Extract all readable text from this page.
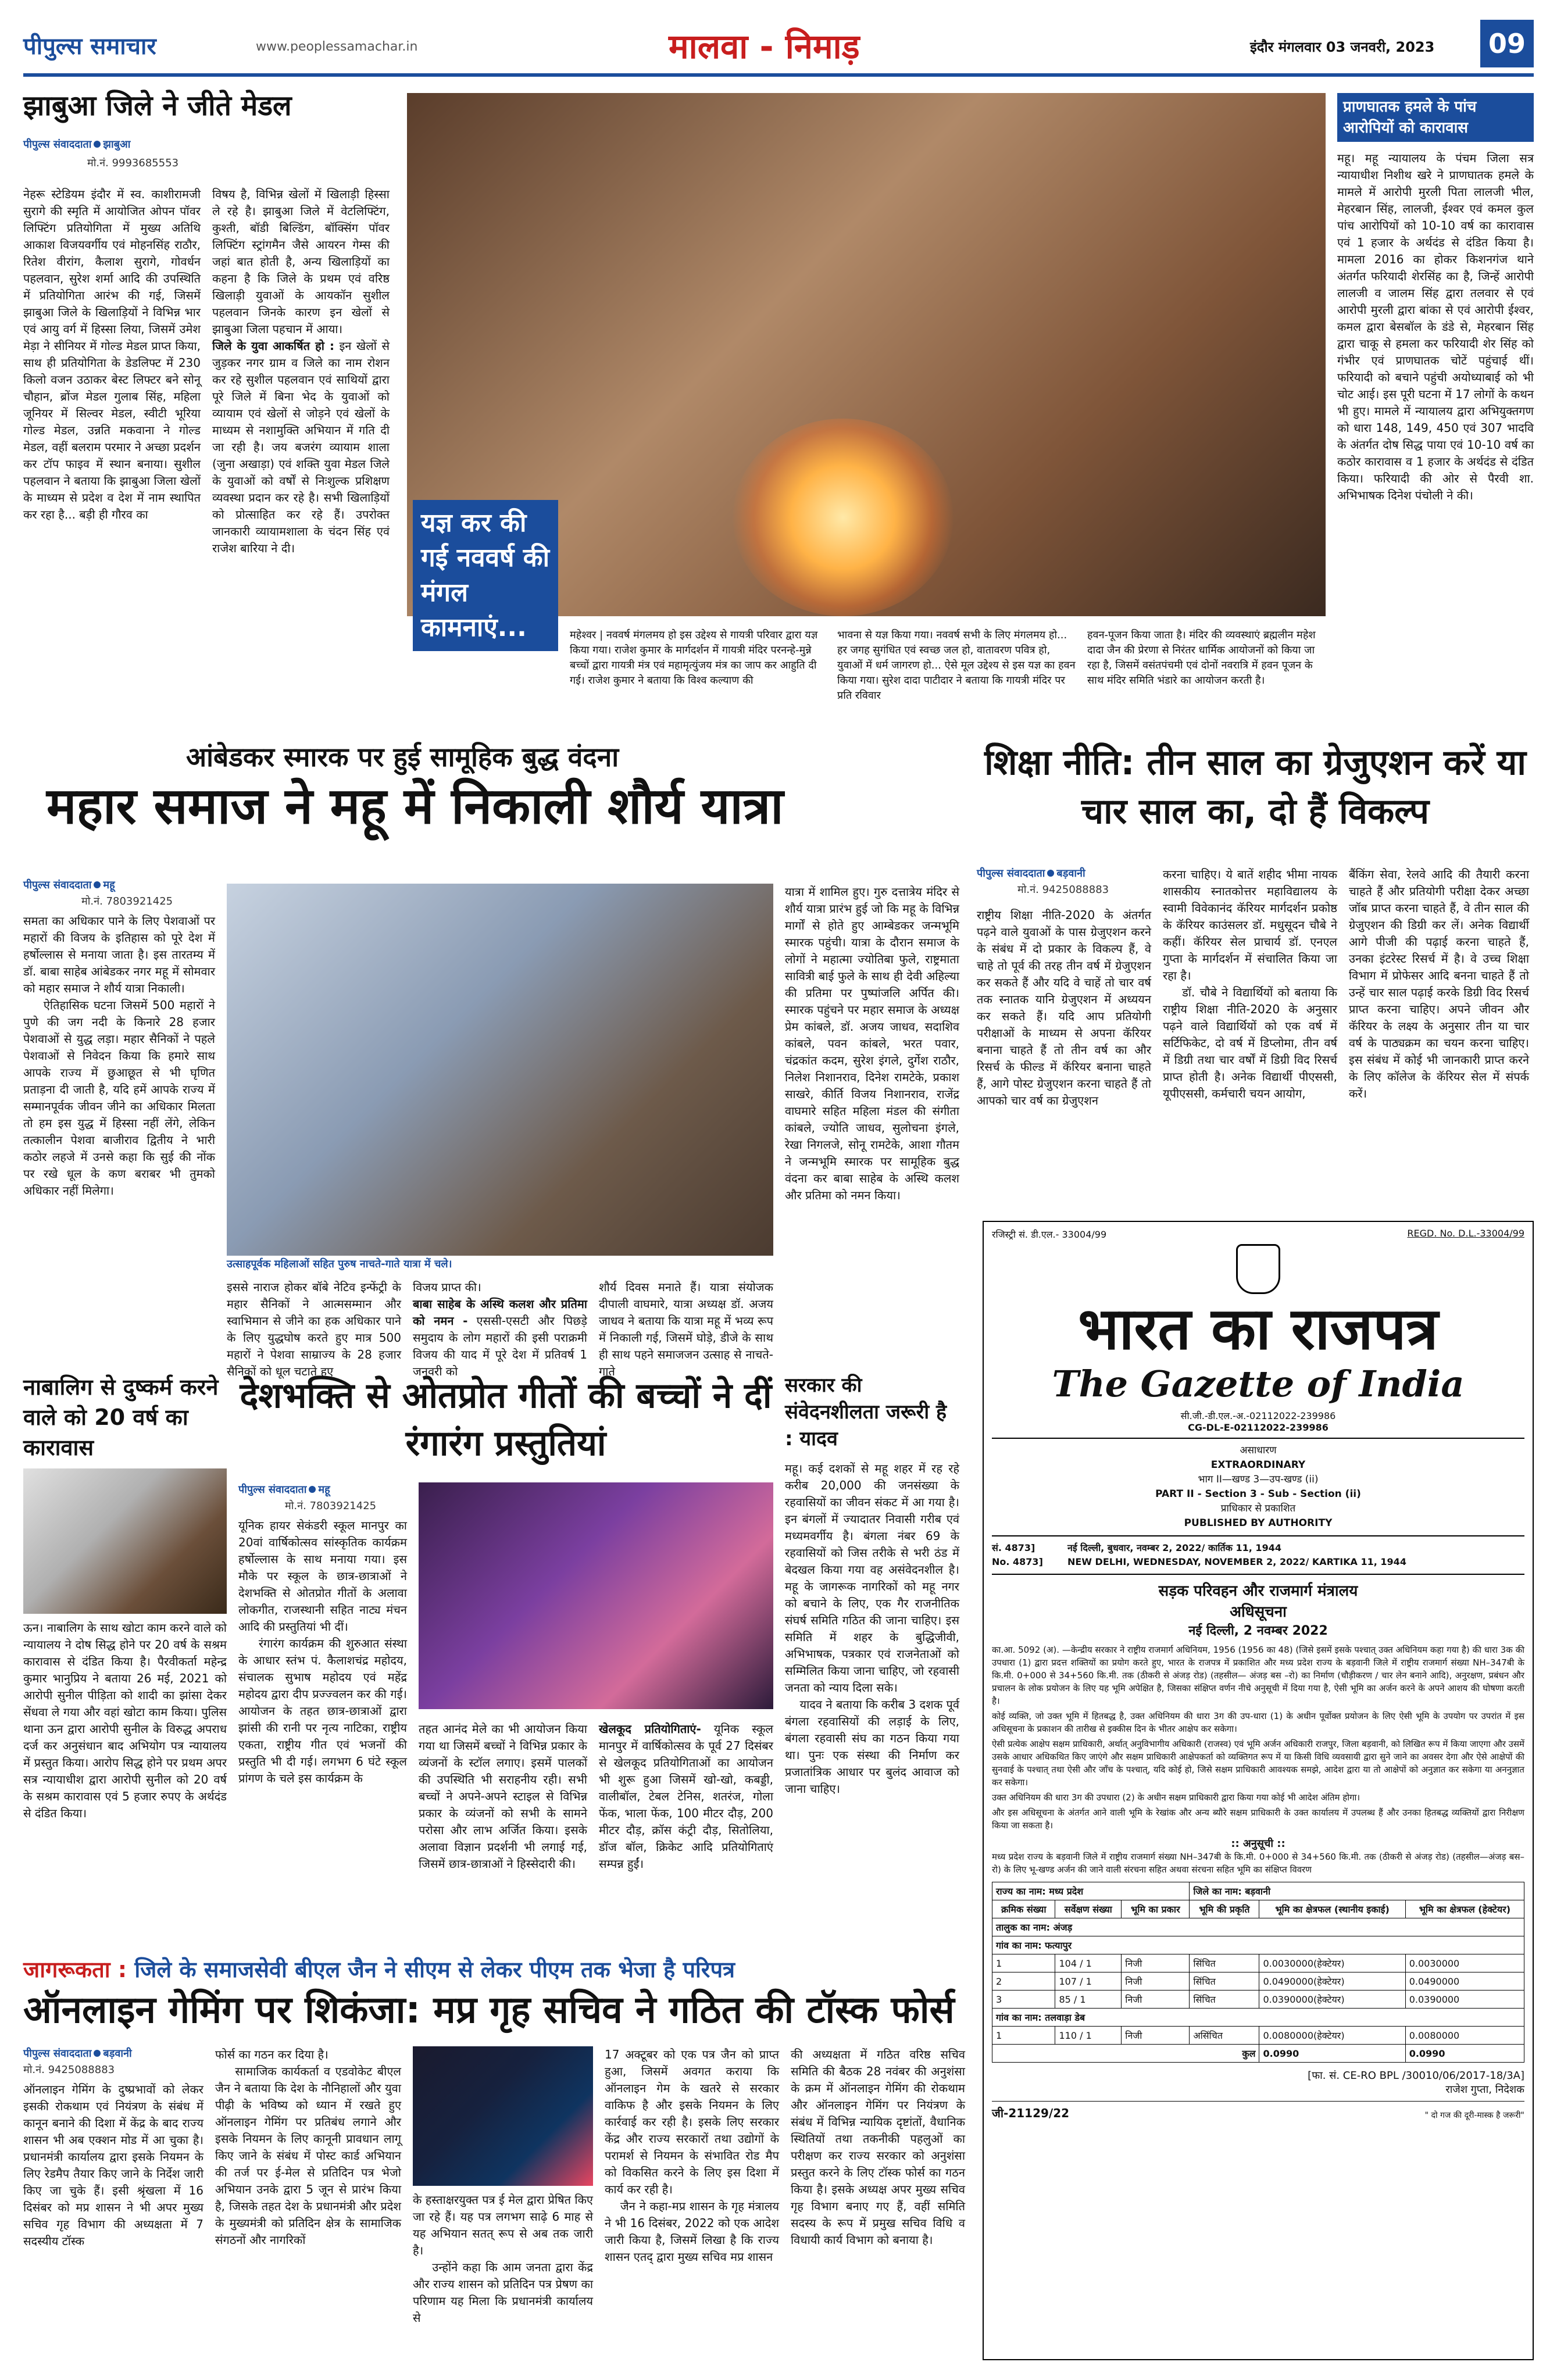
पीपुल्स समाचार	www.peoplessamachar.in	मालवा - निमाड़	इंदौर मंगलवार 03 जनवरी, 2023	09
झाबुआ जिले ने जीते मेडल
पीपुल्स संवाददाता झाबुआ
मो.नं. 9993685553
नेहरू स्टेडियम इंदौर में स्व. काशीरामजी सुरागे की स्मृति में आयोजित ओपन पॉवर लिफ्टिंग प्रतियोगिता में मुख्य अतिथि आकाश विजयवर्गीय एवं मोहनसिंह राठौर, रितेश वीरांग, कैलाश सुरागे, गोवर्धन पहलवान, सुरेश शर्मा आदि की उपस्थिति में प्रतियोगिता आरंभ की गई, जिसमें झाबुआ जिले के खिलाड़ियों ने विभिन्न भार एवं आयु वर्ग में हिस्सा लिया, जिसमें उमेश मेड़ा ने सीनियर में गोल्ड मेडल प्राप्त किया, साथ ही प्रतियोगिता के डेडलिफ्ट में 230 किलो वजन उठाकर बेस्ट लिफ्टर बने सोनू चौहान, ब्रोंज मेडल गुलाब सिंह, महिला जूनियर में सिल्वर मेडल, स्वीटी भूरिया गोल्ड मेडल, उन्नति मकवाना ने गोल्ड मेडल, वहीं बलराम परमार ने अच्छा प्रदर्शन कर टॉप फाइव में स्थान बनाया। सुशील पहलवान ने बताया कि झाबुआ जिला खेलों के माध्यम से प्रदेश व देश में नाम स्थापित कर रहा है... बड़ी ही गौरव का
विषय है, विभिन्न खेलों में खिलाड़ी हिस्सा ले रहे है। झाबुआ जिले में वेटलिफ्टिंग, कुश्ती, बॉडी बिल्डिंग, बॉक्सिंग पॉवर लिफ्टिंग स्ट्रांगमैन जैसे आयरन गेम्स की जहां बात होती है, अन्य खिलाड़ियों का कहना है कि जिले के प्रथम एवं वरिष्ठ खिलाड़ी युवाओं के आयकॉन सुशील पहलवान जिनके कारण इन खेलों से झाबुआ जिला पहचान में आया।
जिले के युवा आकर्षित हो : इन खेलों से जुड़कर नगर ग्राम व जिले का नाम रोशन कर रहे सुशील पहलवान एवं साथियों द्वारा पूरे जिले में बिना भेद के युवाओं को व्यायाम एवं खेलों से जोड़ने एवं खेलों के माध्यम से नशामुक्ति अभियान में गति दी जा रही है। जय बजरंग व्यायाम शाला (जुना अखाड़ा) एवं शक्ति युवा मेडल जिले के युवाओं को वर्षों से निःशुल्क प्रशिक्षण व्यवस्था प्रदान कर रहे है। सभी खिलाड़ियों को प्रोत्साहित कर रहे हैं। उपरोक्त जानकारी व्यायामशाला के चंदन सिंह एवं राजेश बारिया ने दी।
यज्ञ कर की गई नववर्ष की मंगल कामनाएं...	महेश्वर | नववर्ष मंगलमय हो इस उद्देश्य से गायत्री परिवार द्वारा यज्ञ किया गया। राजेश कुमार के मार्गदर्शन में गायत्री मंदिर परनन्हे-मुन्ने बच्चों द्वारा गायत्री मंत्र एवं महामृत्युंजय मंत्र का जाप कर आहुति दी गई। राजेश कुमार ने बताया कि विश्व कल्याण की
भावना से यज्ञ किया गया। नववर्ष सभी के लिए मंगलमय हो... हर जगह सुगंधित एवं स्वच्छ जल हो, वातावरण पवित्र हो, युवाओं में धर्म जागरण हो... ऐसे मूल उद्देश्य से इस यज्ञ का हवन किया गया। सुरेश दादा पाटीदार ने बताया कि गायत्री मंदिर पर प्रति रविवार
हवन-पूजन किया जाता है। मंदिर की व्यवस्थाएं ब्रह्मलीन महेश दादा जैन की प्रेरणा से निरंतर धार्मिक आयोजनों को किया जा रहा है, जिसमें वसंतपंचमी एवं दोनों नवरात्रि में हवन पूजन के साथ मंदिर समिति भंडारे का आयोजन करती है।
प्राणघातक हमले के पांच आरोपियों को कारावास
महू। महू न्यायालय के पंचम जिला सत्र न्यायाधीश निशीथ खरे ने प्राणघातक हमले के मामले में आरोपी मुरली पिता लालजी भील, मेहरबान सिंह, लालजी, ईश्वर एवं कमल कुल पांच आरोपियों को 10-10 वर्ष का कारावास एवं 1 हजार के अर्थदंड से दंडित किया है। मामला 2016 का होकर किशनगंज थाने अंतर्गत फरियादी शेरसिंह का है, जिन्हें आरोपी लालजी व जालम सिंह द्वारा तलवार से एवं आरोपी मुरली द्वारा बांका से एवं आरोपी ईश्वर, कमल द्वारा बेसबॉल के डंडे से, मेहरबान सिंह द्वारा चाकू से हमला कर फरियादी शेर सिंह को गंभीर एवं प्राणघातक चोटें पहुंचाई थीं। फरियादी को बचाने पहुंची अयोध्याबाई को भी चोट आई। इस पूरी घटना में 17 लोगों के कथन भी हुए। मामले में न्यायालय द्वारा अभियुक्तगण को धारा 148, 149, 450 एवं 307 भादवि के अंतर्गत दोष सिद्ध पाया एवं 10-10 वर्ष का कठोर कारावास व 1 हजार के अर्थदंड से दंडित किया। फरियादी की ओर से पैरवी शा. अभिभाषक दिनेश पंचोली ने की।
आंबेडकर स्मारक पर हुई सामूहिक बुद्ध वंदना
महार समाज ने महू में निकाली शौर्य यात्रा
पीपुल्स संवाददाता महू
मो.नं. 7803921425
समता का अधिकार पाने के लिए पेशवाओं पर महारों की विजय के इतिहास को पूरे देश में हर्षोल्लास से मनाया जाता है। इस तारतम्य में डॉ. बाबा साहेब आंबेडकर नगर महू में सोमवार को महार समाज ने शौर्य यात्रा निकाली।
ऐतिहासिक घटना जिसमें 500 महारों ने पुणे की जग नदी के किनारे 28 हजार पेशवाओं से युद्ध लड़ा। महार सैनिकों ने पहले पेशवाओं से निवेदन किया कि हमारे साथ आपके राज्य में छुआछूत से भी घृणित प्रताड़ना दी जाती है, यदि हमें आपके राज्य में सम्मानपूर्वक जीवन जीने का अधिकार मिलता तो हम इस युद्ध में हिस्सा नहीं लेंगे, लेकिन तत्कालीन पेशवा बाजीराव द्वितीय ने भारी कठोर लहजे में उनसे कहा कि सुई की नोंक पर रखे धूल के कण बराबर भी तुमको अधिकार नहीं मिलेगा।
उत्साहपूर्वक महिलाओं सहित पुरुष नाचते-गाते यात्रा में चले।
इससे नाराज होकर बॉबे नेटिव इन्फेंट्री के महार सैनिकों ने आत्मसम्मान और स्वाभिमान से जीने का हक अधिकार पाने के लिए युद्धघोष करते हुए मात्र 500 महारों ने पेशवा साम्राज्य के 28 हजार सैनिकों को धूल चटाते हुए
विजय प्राप्त की।
बाबा साहेब के अस्थि कलश और प्रतिमा को नमन - एससी-एसटी और पिछड़े समुदाय के लोग महारों की इसी पराक्रमी विजय की याद में पूरे देश में प्रतिवर्ष 1 जनवरी को
शौर्य दिवस मनाते हैं। यात्रा संयोजक दीपाली वाघमारे, यात्रा अध्यक्ष डॉ. अजय जाधव ने बताया कि यात्रा महू में भव्य रूप में निकाली गई, जिसमें घोड़े, डीजे के साथ ही साथ पहने समाजजन उत्साह से नाचते-गाते
यात्रा में शामिल हुए। गुरु दत्तात्रेय मंदिर से शौर्य यात्रा प्रारंभ हुई जो कि महू के विभिन्न मार्गों से होते हुए आम्बेडकर जन्मभूमि स्मारक पहुंची। यात्रा के दौरान समाज के लोगों ने महात्मा ज्योतिबा फुले, राष्ट्रमाता सावित्री बाई फुले के साथ ही देवी अहिल्या की प्रतिमा पर पुष्पांजलि अर्पित की। स्मारक पहुंचने पर महार समाज के अध्यक्ष प्रेम कांबले, डॉ. अजय जाधव, सदाशिव कांबले, पवन कांबले, भरत पवार, चंद्रकांत कदम, सुरेश इंगले, दुर्गेश राठौर, निलेश निशानराव, दिनेश रामटेके, प्रकाश साखरे, कीर्ति विजय निशानराव, राजेंद्र वाघमारे सहित महिला मंडल की संगीता कांबले, ज्योति जाधव, सुलोचना इंगले, रेखा निगलजे, सोनू रामटेके, आशा गौतम ने जन्मभूमि स्मारक पर सामूहिक बुद्ध वंदना कर बाबा साहेब के अस्थि कलश और प्रतिमा को नमन किया।
शिक्षा नीति: तीन साल का ग्रेजुएशन करें या चार साल का, दो हैं विकल्प
पीपुल्स संवाददाता बड़वानी
मो.नं. 9425088883
राष्ट्रीय शिक्षा नीति-2020 के अंतर्गत पढ़ने वाले युवाओं के पास ग्रेजुएशन करने के संबंध में दो प्रकार के विकल्प हैं, वे चाहे तो पूर्व की तरह तीन वर्ष में ग्रेजुएशन कर सकते हैं और यदि वे चाहें तो चार वर्ष तक स्नातक यानि ग्रेजुएशन में अध्ययन कर सकते हैं। यदि आप प्रतियोगी परीक्षाओं के माध्यम से अपना कॅरियर बनाना चाहते हैं तो तीन वर्ष का और रिसर्च के फील्ड में कॅरियर बनाना चाहते हैं, आगे पोस्ट ग्रेजुएशन करना चाहते हैं तो आपको चार वर्ष का ग्रेजुएशन
करना चाहिए। ये बातें शहीद भीमा नायक शासकीय स्नातकोत्तर महाविद्यालय के स्वामी विवेकानंद कॅरियर मार्गदर्शन प्रकोष्ठ के कॅरियर काउंसलर डॉ. मधुसूदन चौबे ने कहीं। कॅरियर सेल प्राचार्य डॉ. एनएल गुप्ता के मार्गदर्शन में संचालित किया जा रहा है।
डॉ. चौबे ने विद्यार्थियों को बताया कि राष्ट्रीय शिक्षा नीति-2020 के अनुसार पढ़ने वाले विद्यार्थियों को एक वर्ष में सर्टिफिकेट, दो वर्ष में डिप्लोमा, तीन वर्ष में डिग्री तथा चार वर्षों में डिग्री विद रिसर्च प्राप्त होती है। अनेक विद्यार्थी पीएससी, यूपीएससी, कर्मचारी चयन आयोग,
बैंकिंग सेवा, रेलवे आदि की तैयारी करना चाहते हैं और प्रतियोगी परीक्षा देकर अच्छा जॉब प्राप्त करना चाहते हैं, वे तीन साल की ग्रेजुएशन की डिग्री कर लें। अनेक विद्यार्थी आगे पीजी की पढ़ाई करना चाहते हैं, उनका इंटरेस्ट रिसर्च में है। वे उच्च शिक्षा विभाग में प्रोफेसर आदि बनना चाहते हैं तो उन्हें चार साल पढ़ाई करके डिग्री विद रिसर्च प्राप्त करना चाहिए। अपने जीवन और कॅरियर के लक्ष्य के अनुसार तीन या चार वर्ष के पाठ्यक्रम का चयन करना चाहिए। इस संबंध में कोई भी जानकारी प्राप्त करने के लिए कॉलेज के कॅरियर सेल में संपर्क करें।
नाबालिग से दुष्कर्म करने वाले को 20 वर्ष का कारावास
ऊन। नाबालिग के साथ खोटा काम करने वाले को न्यायालय ने दोष सिद्ध होने पर 20 वर्ष के सश्रम कारावास से दंडित किया है। पैरवीकर्ता महेन्द्र कुमार भानुप्रिय ने बताया 26 मई, 2021 को आरोपी सुनील पीड़िता को शादी का झांसा देकर सेंधवा ले गया और वहां खोटा काम किया। पुलिस थाना ऊन द्वारा आरोपी सुनील के विरुद्ध अपराध दर्ज कर अनुसंधान बाद अभियोग पत्र न्यायालय में प्रस्तुत किया। आरोप सिद्ध होने पर प्रथम अपर सत्र न्यायाधीश द्वारा आरोपी सुनील को 20 वर्ष के सश्रम कारावास एवं 5 हजार रुपए के अर्थदंड से दंडित किया।
देशभक्ति से ओतप्रोत गीतों की बच्चों ने दीं रंगारंग प्रस्तुतियां
पीपुल्स संवाददाता महू
मो.नं. 7803921425
यूनिक हायर सेकंडरी स्कूल मानपुर का 20वां वार्षिकोत्सव सांस्कृतिक कार्यक्रम हर्षोल्लास के साथ मनाया गया। इस मौके पर स्कूल के छात्र-छात्राओं ने देशभक्ति से ओतप्रोत गीतों के अलावा लोकगीत, राजस्थानी सहित नाट्य मंचन आदि की प्रस्तुतियां भी दीं।
रंगारंग कार्यक्रम की शुरुआत संस्था के आधार स्तंभ पं. कैलाशचंद्र महोदय, संचालक सुभाष महोदय एवं महेंद्र महोदय द्वारा दीप प्रज्ज्वलन कर की गई। आयोजन के तहत छात्र-छात्राओं द्वारा झांसी की रानी पर नृत्य नाटिका, राष्ट्रीय एकता, राष्ट्रीय गीत एवं भजनों की प्रस्तुति भी दी गई। लगभग 6 घंटे स्कूल प्रांगण के चले इस कार्यक्रम के
तहत आनंद मेले का भी आयोजन किया गया था जिसमें बच्चों ने विभिन्न प्रकार के व्यंजनों के स्टॉल लगाए। इसमें पालकों की उपस्थिति भी सराहनीय रही। सभी बच्चों ने अपने-अपने स्टाइल से विभिन्न प्रकार के व्यंजनों को सभी के सामने परोसा और लाभ अर्जित किया। इसके अलावा विज्ञान प्रदर्शनी भी लगाई गई, जिसमें छात्र-छात्राओं ने हिस्सेदारी की।
खेलकूद प्रतियोगिताएं- यूनिक स्कूल मानपुर में वार्षिकोत्सव के पूर्व 27 दिसंबर से खेलकूद प्रतियोगिताओं का आयोजन भी शुरू हुआ जिसमें खो-खो, कबड्डी, वालीबॉल, टेबल टेनिस, शतरंज, गोला फेंक, भाला फेंक, 100 मीटर दौड़, 200 मीटर दौड़, क्रॉस कंट्री दौड़, सितोलिया, डॉज बॉल, क्रिकेट आदि प्रतियोगिताएं सम्पन्न हुईं।
सरकार की संवेदनशीलता जरूरी है : यादव
महू। कई दशकों से महू शहर में रह रहे करीब 20,000 की जनसंख्या के रहवासियों का जीवन संकट में आ गया है। इन बंगलों में ज्यादातर निवासी गरीब एवं मध्यमवर्गीय है। बंगला नंबर 69 के रहवासियों को जिस तरीके से भरी ठंड में बेदखल किया गया वह असंवेदनशील है। महू के जागरूक नागरिकों को महू नगर को बचाने के लिए, एक गैर राजनीतिक संघर्ष समिति गठित की जाना चाहिए। इस समिति में शहर के बुद्धिजीवी, अभिभाषक, पत्रकार एवं राजनेताओं को सम्मिलित किया जाना चाहिए, जो रहवासी जनता को न्याय दिला सके।
यादव ने बताया कि करीब 3 दशक पूर्व बंगला रहवासियों की लड़ाई के लिए, बंगला रहवासी संघ का गठन किया गया था। पुनः एक संस्था की निर्माण कर प्रजातांत्रिक आधार पर बुलंद आवाज को जाना चाहिए।
रजिस्ट्री सं. डी.एल.- 33004/99	REGD. No. D.L.-33004/99
भारत का राजपत्र
The Gazette of India
सी.जी.-डी.एल.-अ.-02112022-239986
CG-DL-E-02112022-239986
असाधारण
EXTRAORDINARY
भाग II—खण्ड 3—उप-खण्ड (ii)
PART II - Section 3 - Sub - Section (ii)
प्राधिकार से प्रकाशित
PUBLISHED BY AUTHORITY
सं. 4873]
No. 4873]
नई दिल्ली, बुधवार, नवम्बर 2, 2022/ कार्तिक 11, 1944
NEW DELHI, WEDNESDAY, NOVEMBER 2, 2022/ KARTIKA 11, 1944
सड़क परिवहन और राजमार्ग मंत्रालय
अधिसूचना
नई दिल्ली, 2 नवम्बर 2022
का.आ. 5092 (अ). —केन्द्रीय सरकार ने राष्ट्रीय राजमार्ग अधिनियम, 1956 (1956 का 48) (जिसे इसमें इसके पश्चात् उक्त अधिनियम कहा गया है) की धारा 3क की उपधारा (1) द्वारा प्रदत्त शक्तियों का प्रयोग करते हुए, भारत के राजपत्र में प्रकाशित और मध्य प्रदेश राज्य के बड़वानी जिले में राष्ट्रीय राजमार्ग संख्या NH–347बी के कि.मी. 0+000 से 34+560 कि.मी. तक (ठीकरी से अंजड़ रोड) (तहसील— अंजड़ बस –रो) का निर्माण (चौड़ीकरण / चार लेन बनाने आदि), अनुरक्षण, प्रबंधन और प्रचालन के लोक प्रयोजन के लिए यह भूमि अपेक्षित है, जिसका संक्षिप्त वर्णन नीचे अनुसूची में दिया गया है, ऐसी भूमि का अर्जन करने के अपने आशय की घोषणा करती है।
कोई व्यक्ति, जो उक्त भूमि में हितबद्ध है, उक्त अधिनियम की धारा 3ग की उप-धारा (1) के अधीन पूर्वोक्त प्रयोजन के लिए ऐसी भूमि के उपयोग पर उपरांत में इस अधिसूचना के प्रकाशन की तारीख से इक्कीस दिन के भीतर आक्षेप कर सकेगा।
ऐसी प्रत्येक आक्षेप सक्षम प्राधिकारी, अर्थात् अनुविभागीय अधिकारी (राजस्व) एवं भूमि अर्जन अधिकारी राजपुर, जिला बड़वानी, को लिखित रूप में किया जाएगा और उसमें उसके आधार अधिकथित किए जाएंगे और सक्षम प्राधिकारी आक्षेपकर्ता को व्यक्तिगत रूप में या किसी विधि व्यवसायी द्वारा सुने जाने का अवसर देगा और ऐसे आक्षेपों की सुनवाई के पश्चात् तथा ऐसी और जाँच के पश्चात्, यदि कोई हो, जिसे सक्षम प्राधिकारी आवश्यक समझे, आदेश द्वारा या तो आक्षेपों को अनुज्ञात कर सकेगा या अननुज्ञात कर सकेगा।
उक्त अधिनियम की धारा 3ग की उपधारा (2) के अधीन सक्षम प्राधिकारी द्वारा किया गया कोई भी आदेश अंतिम होगा।
और इस अधिसूचना के अंतर्गत आने वाली भूमि के रेखांक और अन्य ब्यौरे सक्षम प्राधिकारी के उक्त कार्यालय में उपलब्ध हैं और उनका हितबद्ध व्यक्तियों द्वारा निरीक्षण किया जा सकता है।
:: अनुसूची ::
मध्य प्रदेश राज्य के बड़वानी जिले में राष्ट्रीय राजमार्ग संख्या NH–347बी के कि.मी. 0+000 से 34+560 कि.मी. तक (ठीकरी से अंजड़ रोड) (तहसील—अंजड़ बस–रो) के लिए भू-खण्ड अर्जन की जाने वाली संरचना सहित अथवा संरचना सहित भूमि का संक्षिप्त विवरण
राज्य का नाम: मध्य प्रदेश			जिले का नाम: बड़वानी		
क्रमिक संख्या	सर्वेक्षण संख्या	भूमि का प्रकार	भूमि की प्रकृति	भूमि का क्षेत्रफल (स्थानीय इकाई)	भूमि का क्षेत्रफल (हेक्टेयर)
तालुक का नाम: अंजड़					
गांव का नाम: फत्यापुर					
1	104 / 1	निजी	सिंचित	0.0030000(हेक्टेयर)	0.0030000
2	107 / 1	निजी	सिंचित	0.0490000(हेक्टेयर)	0.0490000
3	85 / 1	निजी	सिंचित	0.0390000(हेक्टेयर)	0.0390000
गांव का नाम: तलवाड़ा डेब					
1	110 / 1	निजी	असिंचित	0.0080000(हेक्टेयर)	0.0080000
कुल				0.0990	0.0990
[फा. सं. CE-RO BPL /30010/06/2017-18/3A]
राजेश गुप्ता, निदेशक
जी-21129/22	" दो गज की दूरी-मास्क है जरूरी"
जागरूकता : जिले के समाजसेवी बीएल जैन ने सीएम से लेकर पीएम तक भेजा है परिपत्र
ऑनलाइन गेमिंग पर शिकंजा: मप्र गृह सचिव ने गठित की टॉस्क फोर्स
पीपुल्स संवाददाता बड़वानी
मो.नं. 9425088883
ऑनलाइन गेमिंग के दुष्प्रभावों को लेकर इसकी रोकथाम एवं नियंत्रण के संबंध में कानून बनाने की दिशा में केंद्र के बाद राज्य शासन भी अब एक्शन मोड में आ चुका है। प्रधानमंत्री कार्यालय द्वारा इसके नियमन के लिए रेडमैप तैयार किए जाने के निर्देश जारी किए जा चुके हैं। इसी श्रृंखला में 16 दिसंबर को मप्र शासन ने भी अपर मुख्य सचिव गृह विभाग की अध्यक्षता में 7 सदस्यीय टॉस्क
फोर्स का गठन कर दिया है।
सामाजिक कार्यकर्ता व एडवोकेट बीएल जैन ने बताया कि देश के नौनिहालों और युवा पीढ़ी के भविष्य को ध्यान में रखते हुए ऑनलाइन गेमिंग पर प्रतिबंध लगाने और इसके नियमन के लिए कानूनी प्रावधान लागू किए जाने के संबंध में पोस्ट कार्ड अभियान की तर्ज पर ई-मेल से प्रतिदिन पत्र भेजो अभियान उनके द्वारा 5 जून से प्रारंभ किया है, जिसके तहत देश के प्रधानमंत्री और प्रदेश के मुख्यमंत्री को प्रतिदिन क्षेत्र के सामाजिक संगठनों और नागरिकों
के हस्ताक्षरयुक्त पत्र ई मेल द्वारा प्रेषित किए जा रहे हैं। यह पत्र लगभग साढ़े 6 माह से यह अभियान सतत् रूप से अब तक जारी है।
उन्होंने कहा कि आम जनता द्वारा केंद्र और राज्य शासन को प्रतिदिन पत्र प्रेषण का परिणाम यह मिला कि प्रधानमंत्री कार्यालय से
17 अक्टूबर को एक पत्र जैन को प्राप्त हुआ, जिसमें अवगत कराया कि ऑनलाइन गेम के खतरे से सरकार वाकिफ है और इसके नियमन के लिए कार्रवाई कर रही है। इसके लिए सरकार केंद्र और राज्य सरकारों तथा उद्योगों के परामर्श से नियमन के संभावित रोड मैप को विकसित करने के लिए इस दिशा में कार्य कर रही है।
जैन ने कहा-मप्र शासन के गृह मंत्रालय ने भी 16 दिसंबर, 2022 को एक आदेश जारी किया है, जिसमें लिखा है कि राज्य शासन एतद् द्वारा मुख्य सचिव मप्र शासन
की अध्यक्षता में गठित वरिष्ठ सचिव समिति की बैठक 28 नवंबर की अनुशंसा के क्रम में ऑनलाइन गेमिंग की रोकथाम और ऑनलाइन गेमिंग पर नियंत्रण के संबंध में विभिन्न न्यायिक दृष्टांतों, वैधानिक स्थितियों तथा तकनीकी पहलुओं का परीक्षण कर राज्य सरकार को अनुशंसा प्रस्तुत करने के लिए टॉस्क फोर्स का गठन किया है। इसके अध्यक्ष अपर मुख्य सचिव गृह विभाग बनाए गए हैं, वहीं समिति सदस्य के रूप में प्रमुख सचिव विधि व विधायी कार्य विभाग को बनाया है।
